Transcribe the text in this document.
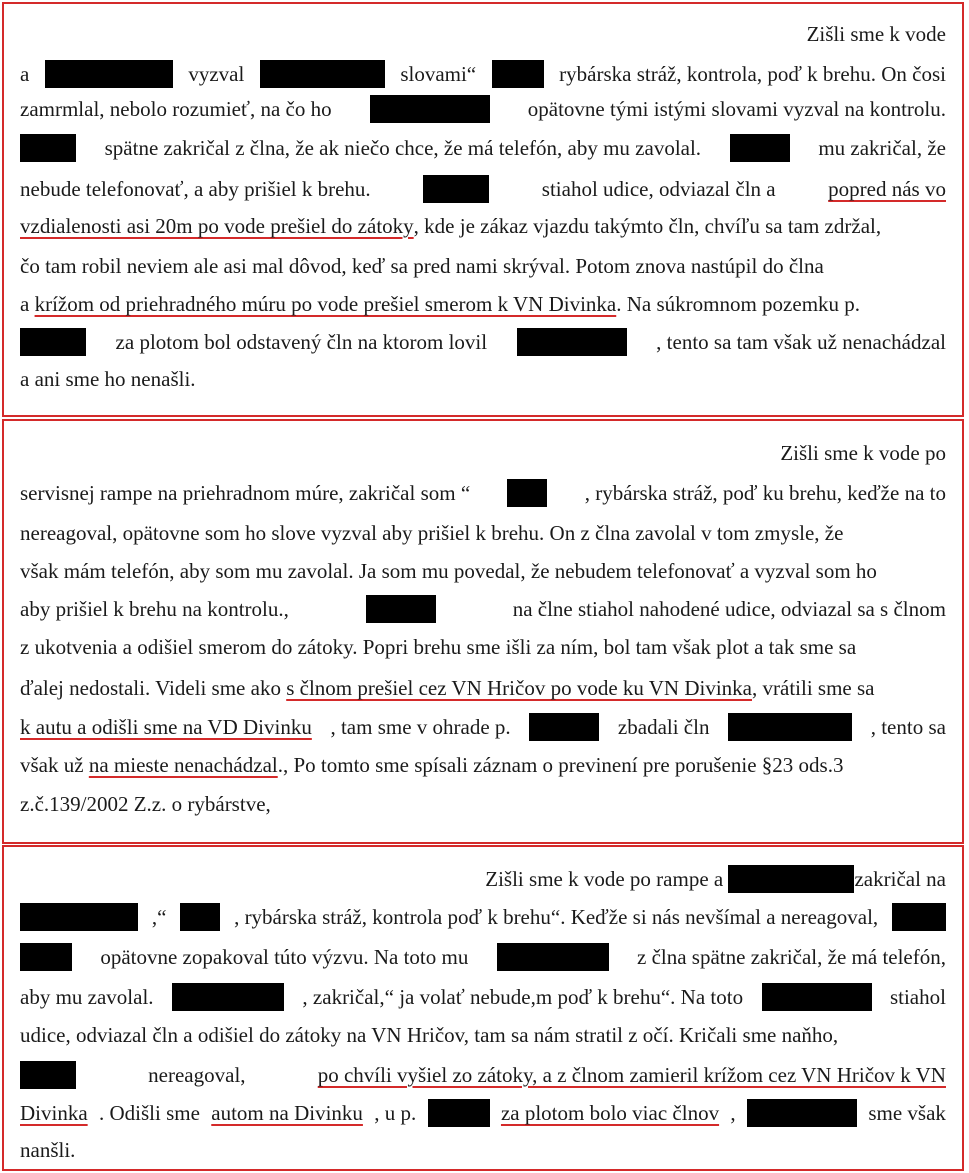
Zišli sme k vode
a	vyzval	slovami“	rybárska stráž, kontrola, poď k brehu. On čosi
zamrmlal, nebolo rozumieť, na čo ho	opätovne tými istými slovami vyzval na kontrolu.
spätne zakričal z člna, že ak niečo chce, že má telefón, aby mu zavolal.	mu zakričal, že
nebude telefonovať, a aby prišiel k brehu.	stiahol udice, odviazal čln a	popred nás vo
vzdialenosti asi 20m po vode prešiel do zátoky , kde je zákaz vjazdu takýmto čln, chvíľu sa tam zdržal,
čo tam robil neviem ale asi mal dôvod, keď sa pred nami skrýval. Potom znova nastúpil do člna
a
krížom od priehradného múru po vode prešiel smerom k VN Divinka . Na súkromnom pozemku p.
za plotom bol odstavený čln na ktorom lovil	, tento sa tam však už nenachádzal
a ani sme ho nenašli.
Zišli sme k vode po
servisnej rampe na priehradnom múre, zakričal som “	, rybárska stráž, poď ku brehu, keďže na to
nereagoval, opätovne som ho slove vyzval aby prišiel k brehu. On z člna zavolal v tom zmysle, že
však mám telefón, aby som mu zavolal. Ja som mu povedal, že nebudem telefonovať a vyzval som ho
aby prišiel k brehu na kontrolu.,	na člne stiahol nahodené udice, odviazal sa s člnom
z ukotvenia a odišiel smerom do zátoky. Popri brehu sme išli za ním, bol tam však plot a tak sme sa
ďalej nedostali. Videli sme ako
s člnom prešiel cez VN Hričov po vode ku VN Divinka , vrátili sme sa
k autu a odišli sme na VD Divinku , tam sme v ohrade p.	zbadali čln	, tento sa
však už
na mieste nenachádzal ., Po tomto sme spísali záznam o previnení pre porušenie §23 ods.3
z.č.139/2002 Z.z. o rybárstve,
Zišli sme k vode po rampe a
	zakričal na
,“	, rybárska stráž, kontrola poď k brehu“. Keďže si nás nevšímal a nereagoval,
opätovne zopakoval túto výzvu. Na toto mu	z člna spätne zakričal, že má telefón,
aby mu zavolal.	, zakričal,“ ja volať nebude,m poď k brehu“. Na toto	stiahol
udice, odviazal čln a odišiel do zátoky na VN Hričov, tam sa nám stratil z očí. Kričali sme naňho,
nereagoval,	po chvíli vyšiel zo zátoky, a z člnom zamieril krížom cez VN Hričov k VN
Divinka . Odišli sme autom na Divinku , u p.	za plotom bolo viac člnov ,	sme však
nanšli.
